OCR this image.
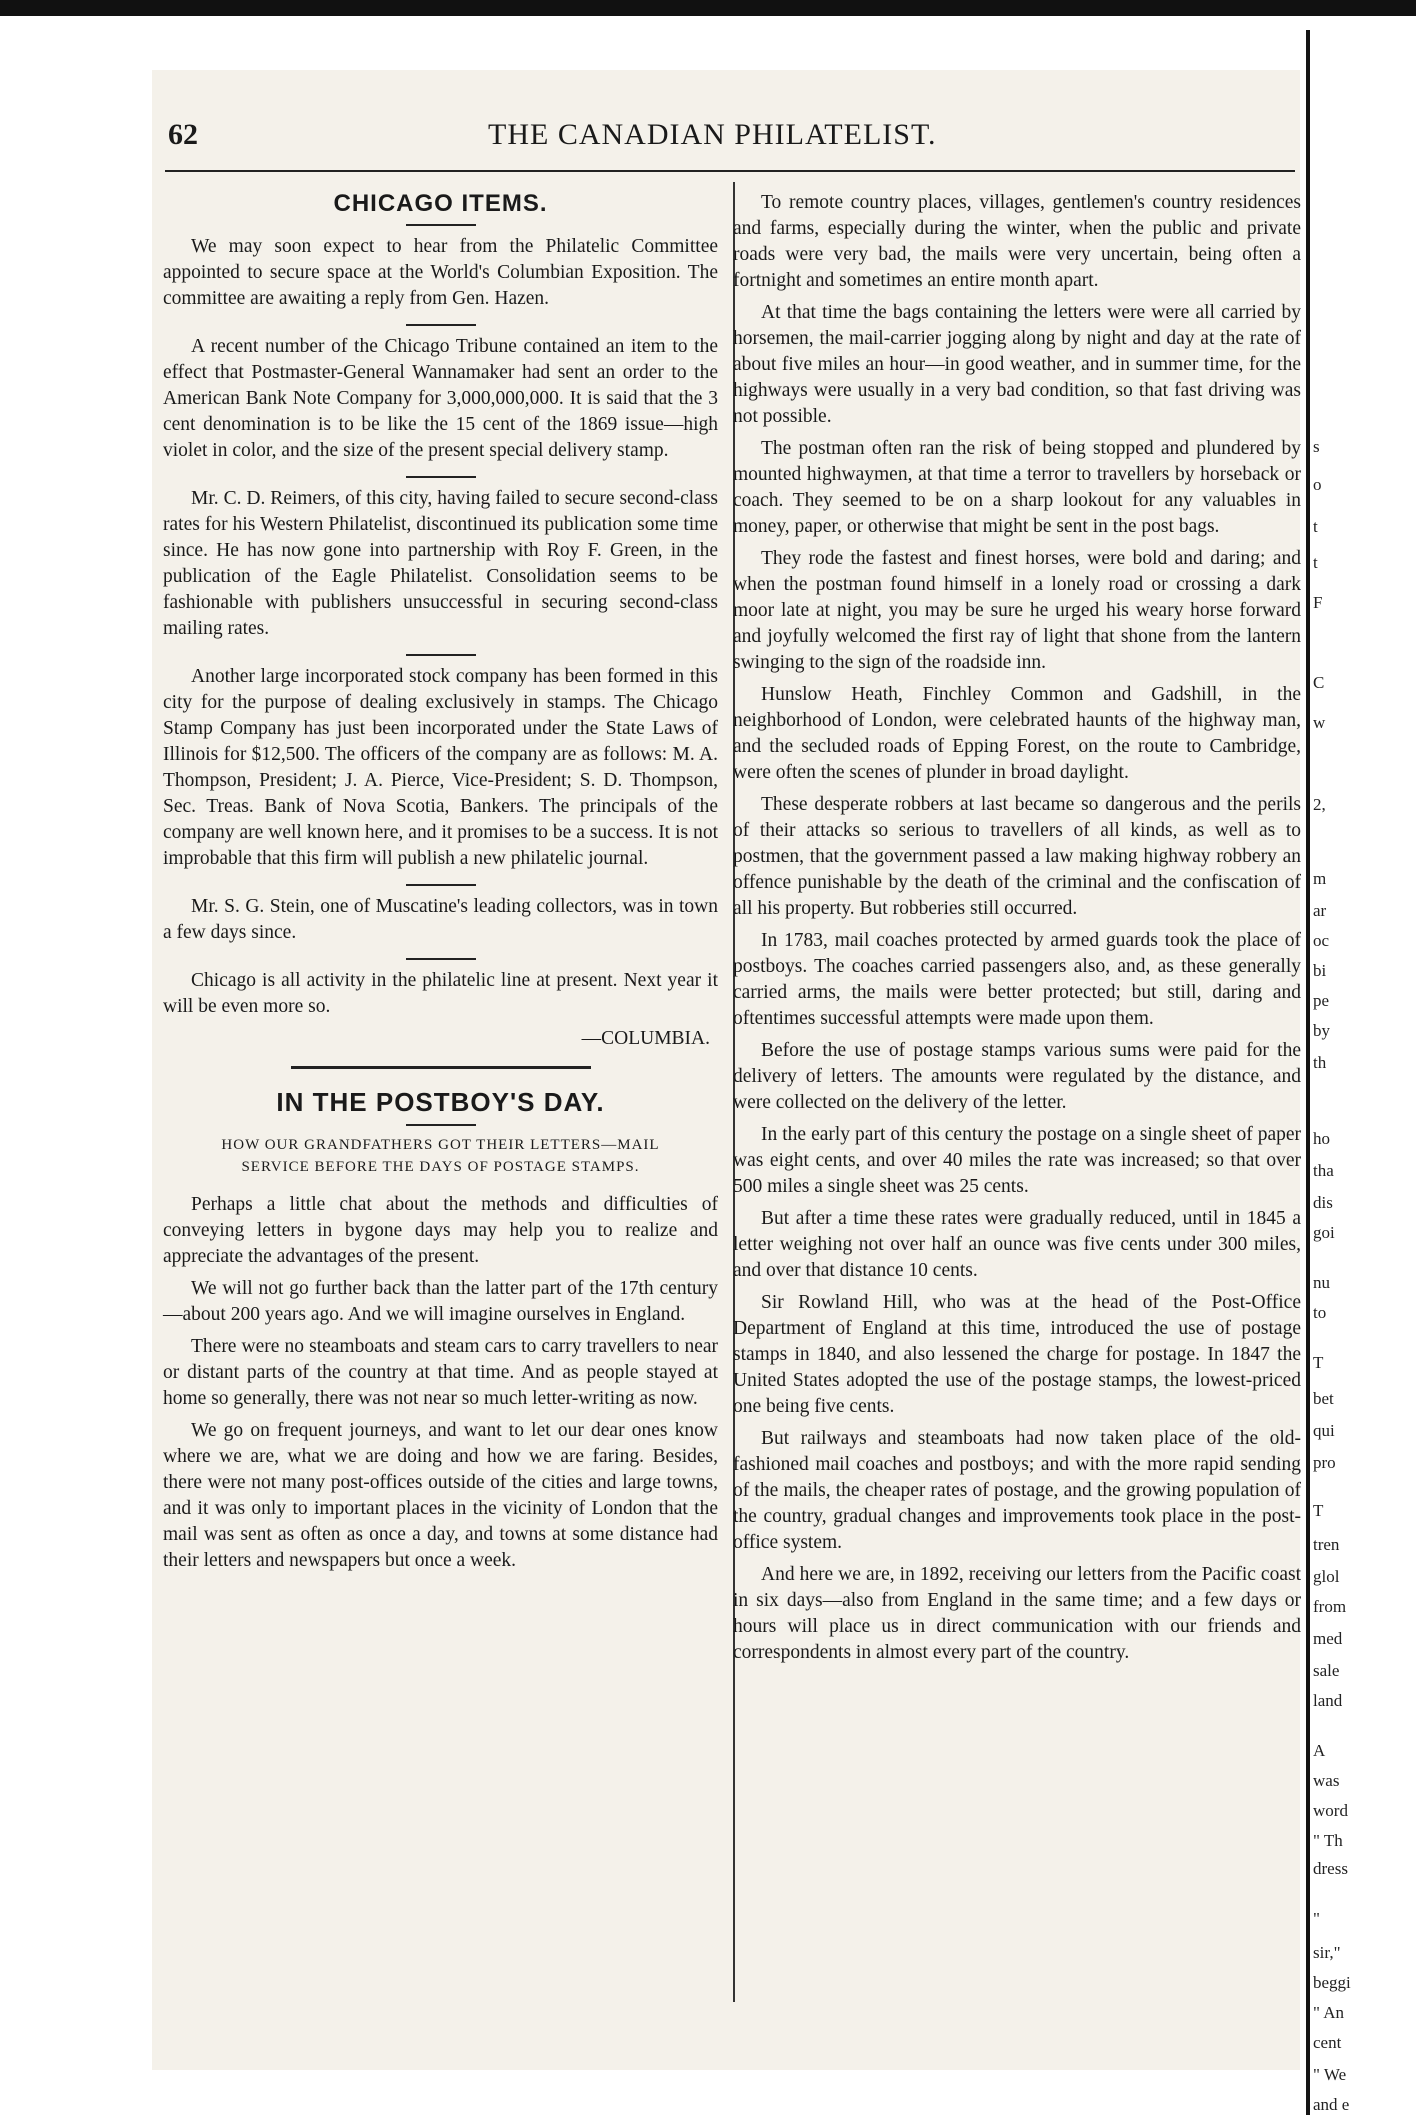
62	THE CANADIAN PHILATELIST.
CHICAGO ITEMS.

We may soon expect to hear from the Philatelic Committee appointed to secure space at the World's Columbian Exposition. The committee are awaiting a reply from Gen. Hazen.

A recent number of the Chicago Tribune contained an item to the effect that Postmaster-General Wannamaker had sent an order to the American Bank Note Company for 3,000,000,000. It is said that the 3 cent denomination is to be like the 15 cent of the 1869 issue—high violet in color, and the size of the present special delivery stamp.

Mr. C. D. Reimers, of this city, having failed to secure second-class rates for his Western Philatelist, discontinued its publication some time since. He has now gone into partnership with Roy F. Green, in the publication of the Eagle Philatelist. Consolidation seems to be fashionable with publishers unsuccessful in securing second-class mailing rates.

Another large incorporated stock company has been formed in this city for the purpose of dealing exclusively in stamps. The Chicago Stamp Company has just been incorporated under the State Laws of Illinois for $12,500. The officers of the company are as follows: M. A. Thompson, President; J. A. Pierce, Vice-President; S. D. Thompson, Sec. Treas. Bank of Nova Scotia, Bankers. The principals of the company are well known here, and it promises to be a success. It is not improbable that this firm will publish a new philatelic journal.

Mr. S. G. Stein, one of Muscatine's leading collectors, was in town a few days since.

Chicago is all activity in the philatelic line at present. Next year it will be even more so.

—COLUMBIA.

IN THE POSTBOY'S DAY.

HOW OUR GRANDFATHERS GOT THEIR LETTERS—MAIL SERVICE BEFORE THE DAYS OF POSTAGE STAMPS.

Perhaps a little chat about the methods and difficulties of conveying letters in bygone days may help you to realize and appreciate the advantages of the present.

We will not go further back than the latter part of the 17th century—about 200 years ago. And we will imagine ourselves in England.

There were no steamboats and steam cars to carry travellers to near or distant parts of the country at that time. And as people stayed at home so generally, there was not near so much letter-writing as now.

We go on frequent journeys, and want to let our dear ones know where we are, what we are doing and how we are faring. Besides, there were not many post-offices outside of the cities and large towns, and it was only to important places in the vicinity of London that the mail was sent as often as once a day, and towns at some distance had their letters and newspapers but once a week.

To remote country places, villages, gentlemen's country residences and farms, especially during the winter, when the public and private roads were very bad, the mails were very uncertain, being often a fortnight and sometimes an entire month apart.

At that time the bags containing the letters were were all carried by horsemen, the mail-carrier jogging along by night and day at the rate of about five miles an hour—in good weather, and in summer time, for the highways were usually in a very bad condition, so that fast driving was not possible.

The postman often ran the risk of being stopped and plundered by mounted highwaymen, at that time a terror to travellers by horseback or coach. They seemed to be on a sharp lookout for any valuables in money, paper, or otherwise that might be sent in the post bags.

They rode the fastest and finest horses, were bold and daring; and when the postman found himself in a lonely road or crossing a dark moor late at night, you may be sure he urged his weary horse forward and joyfully welcomed the first ray of light that shone from the lantern swinging to the sign of the roadside inn.

Hunslow Heath, Finchley Common and Gadshill, in the neighborhood of London, were celebrated haunts of the highway man, and the secluded roads of Epping Forest, on the route to Cambridge, were often the scenes of plunder in broad daylight.

These desperate robbers at last became so dangerous and the perils of their attacks so serious to travellers of all kinds, as well as to postmen, that the government passed a law making highway robbery an offence punishable by the death of the criminal and the confiscation of all his property. But robberies still occurred.

In 1783, mail coaches protected by armed guards took the place of postboys. The coaches carried passengers also, and, as these generally carried arms, the mails were better protected; but still, daring and oftentimes successful attempts were made upon them.

Before the use of postage stamps various sums were paid for the delivery of letters. The amounts were regulated by the distance, and were collected on the delivery of the letter.

In the early part of this century the postage on a single sheet of paper was eight cents, and over 40 miles the rate was increased; so that over 500 miles a single sheet was 25 cents.

But after a time these rates were gradually reduced, until in 1845 a letter weighing not over half an ounce was five cents under 300 miles, and over that distance 10 cents.

Sir Rowland Hill, who was at the head of the Post-Office Department of England at this time, introduced the use of postage stamps in 1840, and also lessened the charge for postage. In 1847 the United States adopted the use of the postage stamps, the lowest-priced one being five cents.

But railways and steamboats had now taken place of the old-fashioned mail coaches and postboys; and with the more rapid sending of the mails, the cheaper rates of postage, and the growing population of the country, gradual changes and improvements took place in the post-office system.

And here we are, in 1892, receiving our letters from the Pacific coast in six days—also from England in the same time; and a few days or hours will place us in direct communication with our friends and correspondents in almost every part of the country.

s
o
t
t
F
C
w
2,
m
ar
oc
bi
pe
by
th
ho
tha
dis
goi
nu
to
T
bet
qui
pro
T
tren
glol
from
med
sale
land
A
was
word
" Th
dress
"
sir,"
beggi
" An
cent
" We
and e
